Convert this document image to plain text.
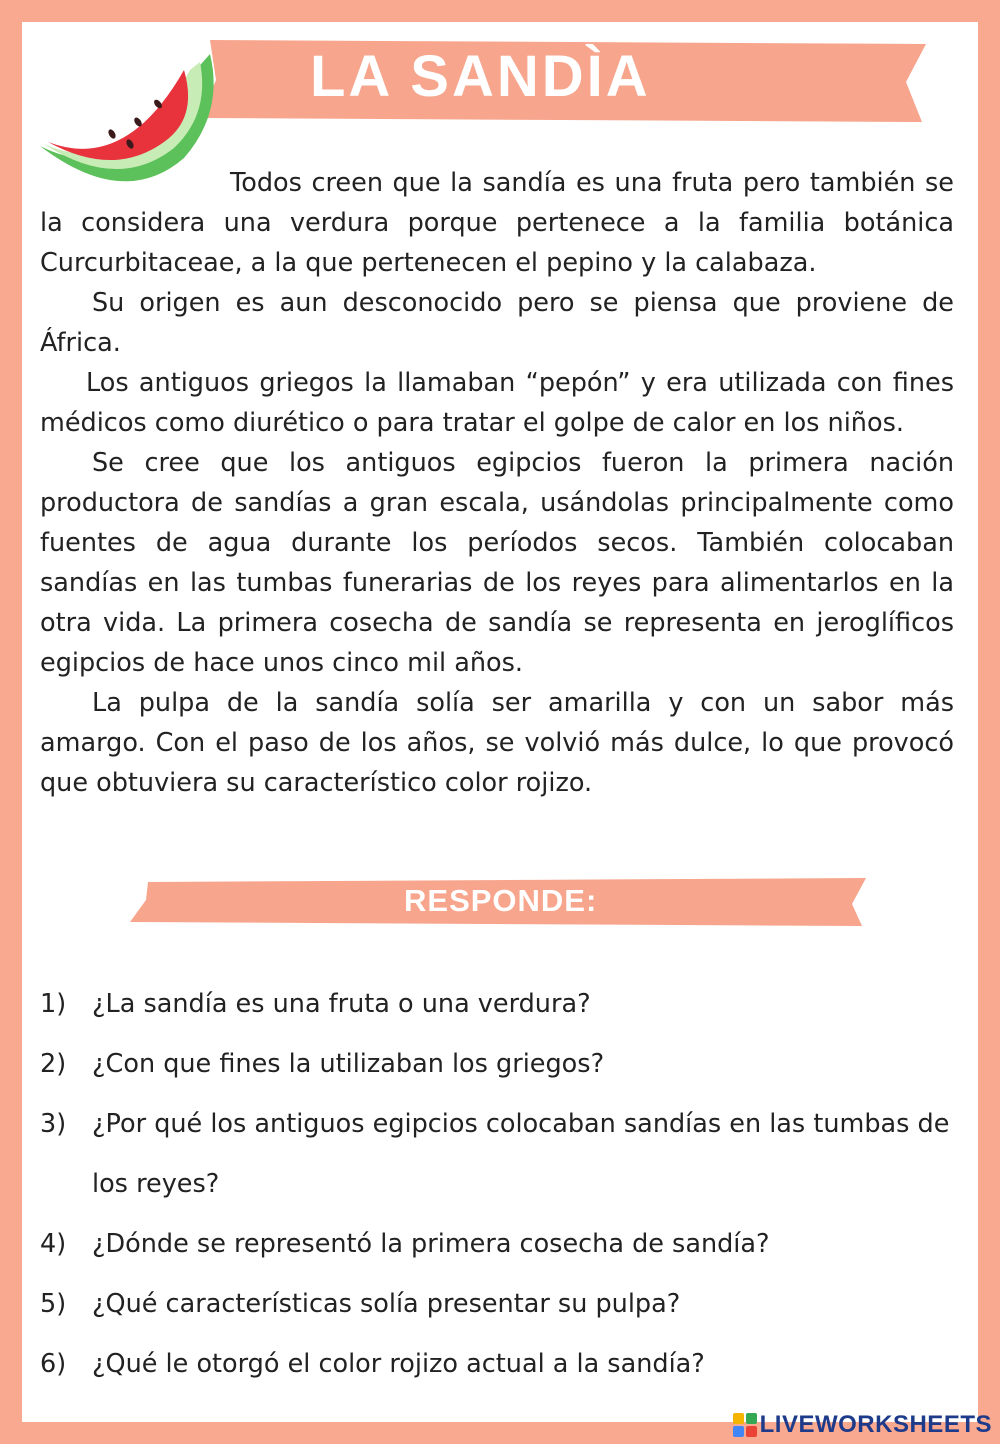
LA SANDÌA

Todos creen que la sandía es una fruta pero también se la considera una verdura porque pertenece a la familia botánica Curcurbitaceae, a la que pertenecen el pepino y la calabaza.

Su origen es aun desconocido pero se piensa que proviene de África.

Los antiguos griegos la llamaban “pepón” y era utilizada con fines médicos como diurético o para tratar el golpe de calor en los niños.

Se cree que los antiguos egipcios fueron la primera nación productora de sandías a gran escala, usándolas principalmente como fuentes de agua durante los períodos secos. También colocaban sandías en las tumbas funerarias de los reyes para alimentarlos en la otra vida. La primera cosecha de sandía se representa en jeroglíficos egipcios de hace unos cinco mil años.

La pulpa de la sandía solía ser amarilla y con un sabor más amargo. Con el paso de los años, se volvió más dulce, lo que provocó que obtuviera su característico color rojizo.

RESPONDE:
1)	¿La sandía es una fruta o una verdura?
2)	¿Con que fines la utilizaban los griegos?
3)	¿Por qué los antiguos egipcios colocaban sandías en las tumbas de los reyes?
4)	¿Dónde se representó la primera cosecha de sandía?
5)	¿Qué características solía presentar su pulpa?
6)	¿Qué le otorgó el color rojizo actual a la sandía?
LIVEWORKSHEETS
